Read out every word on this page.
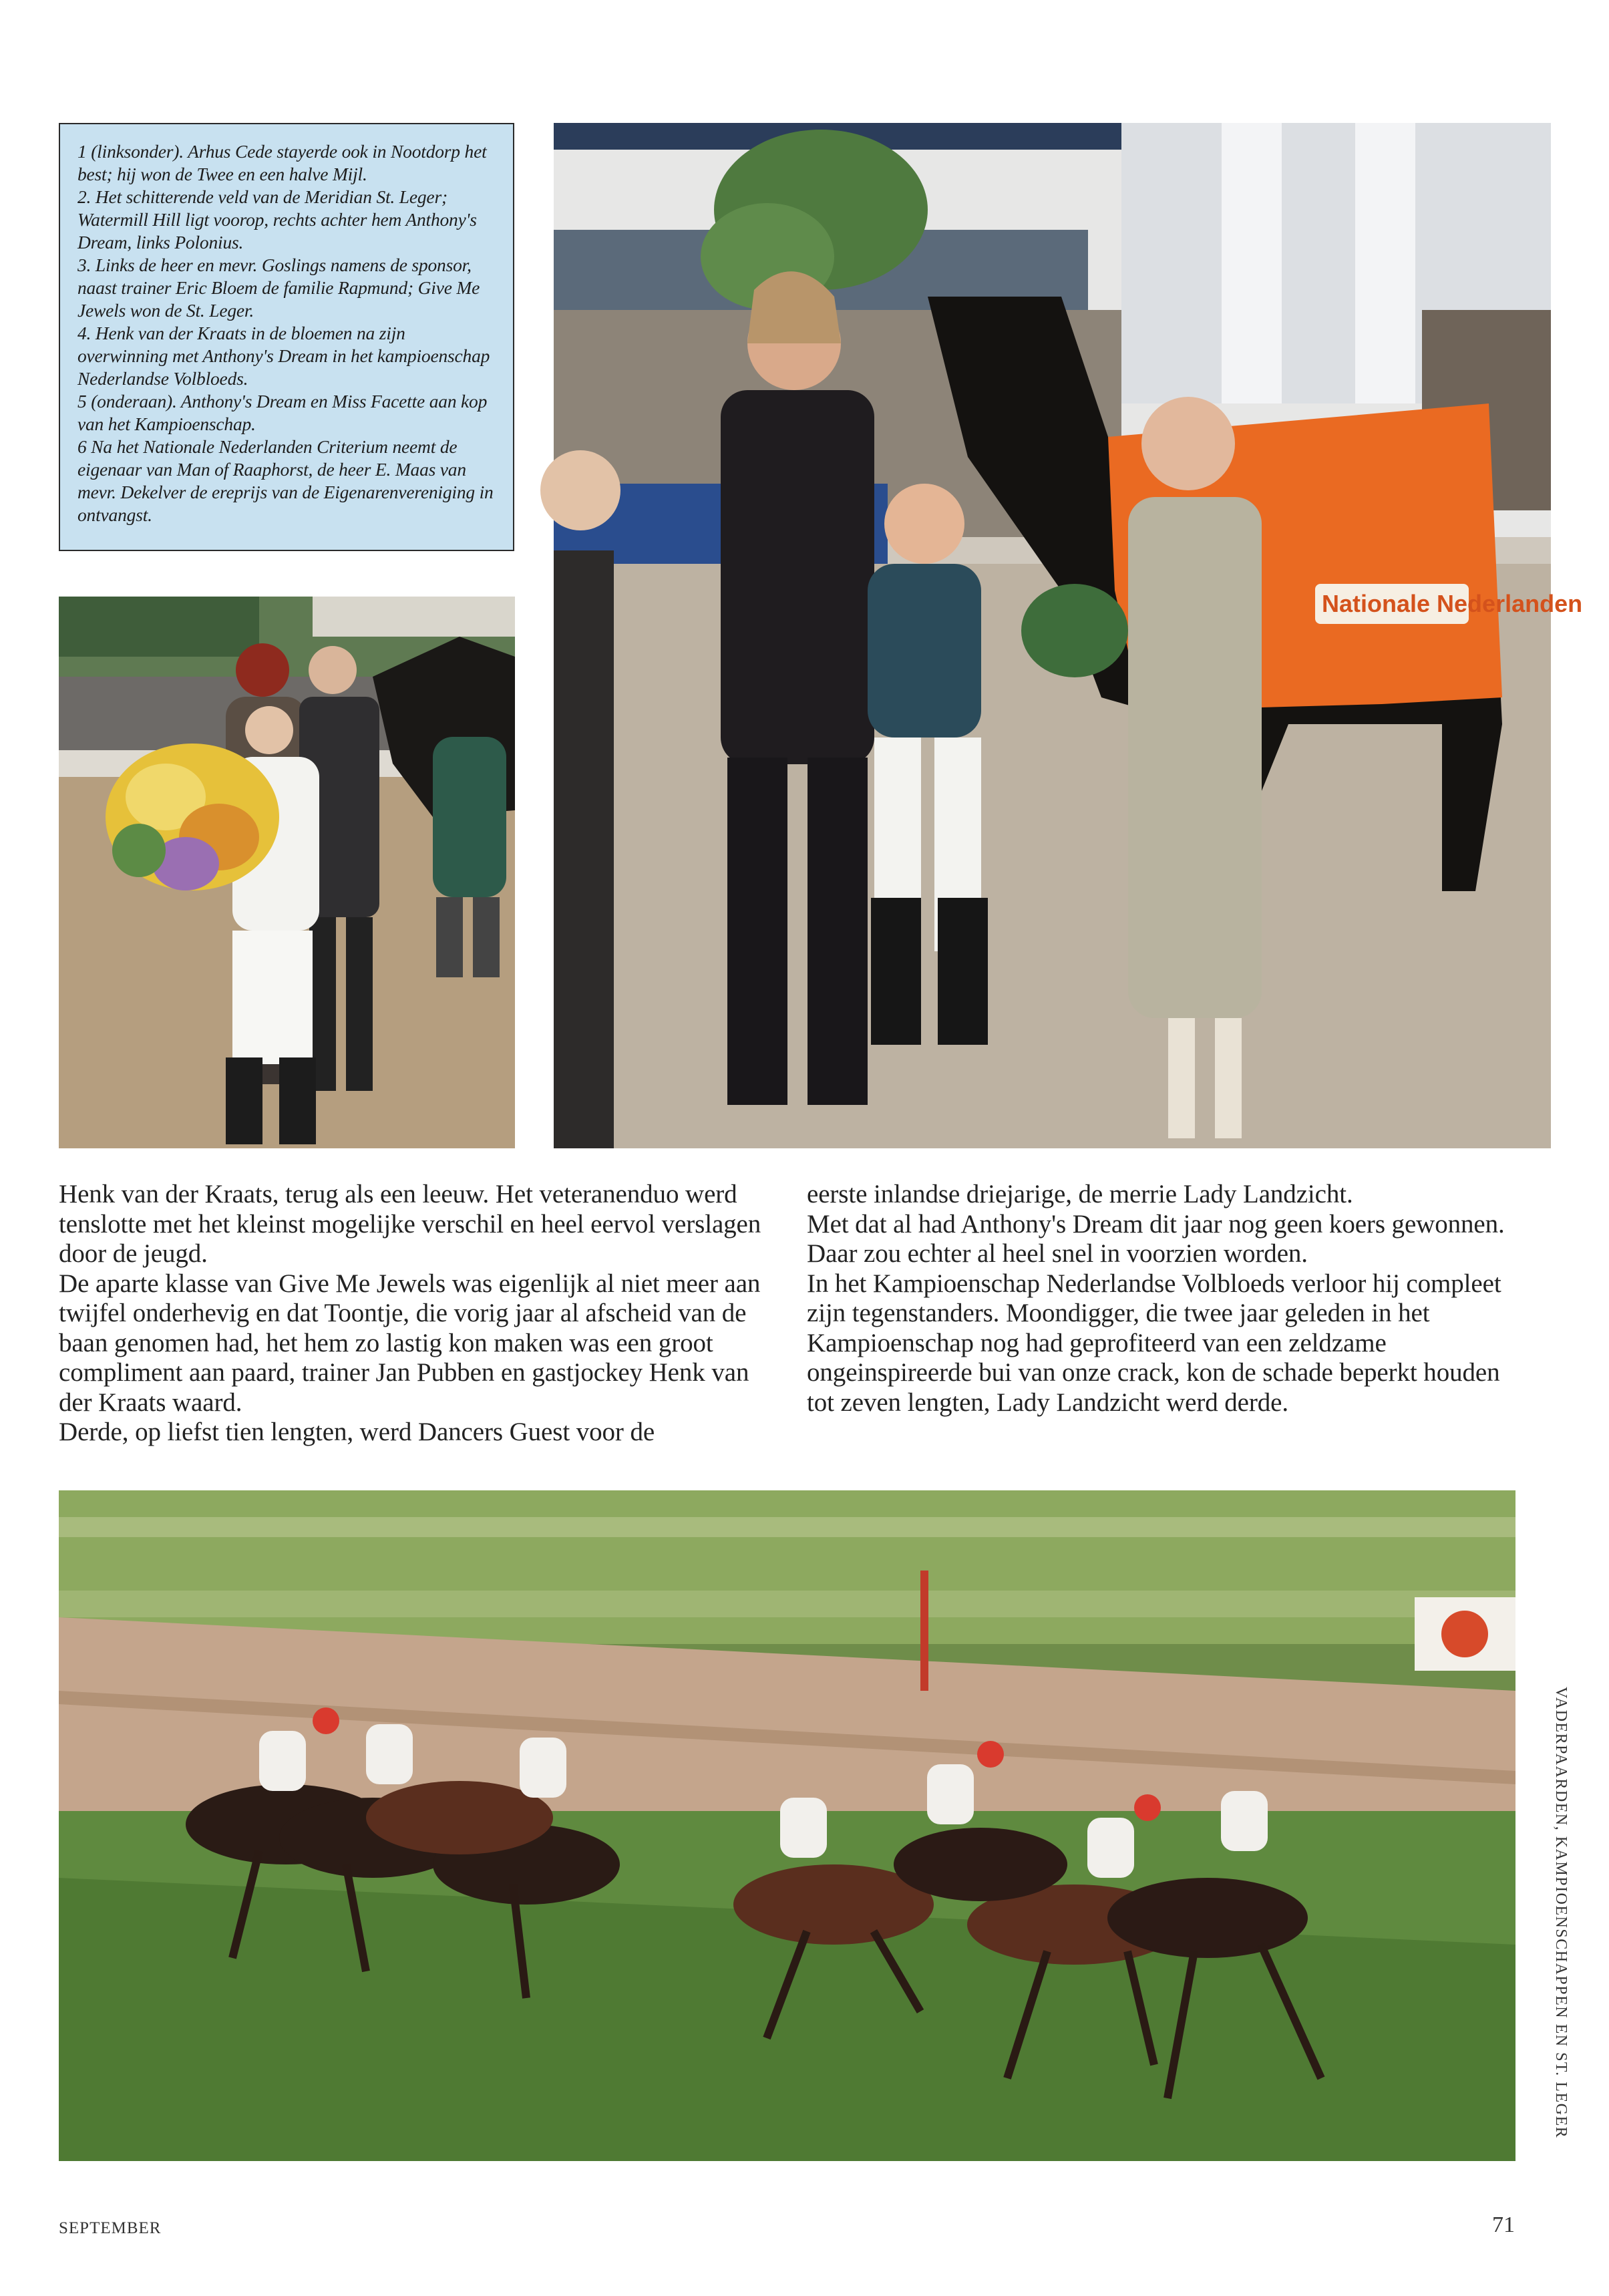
1 (linksonder). Arhus Cede stayerde ook in Nootdorp het best; hij won de Twee en een halve Mijl.

2. Het schitterende veld van de Meridian St. Leger; Watermill Hill ligt voorop, rechts achter hem Anthony's Dream, links Polonius.

3. Links de heer en mevr. Goslings namens de sponsor, naast trainer Eric Bloem de familie Rapmund; Give Me Jewels won de St. Leger.

4. Henk van der Kraats in de bloemen na zijn overwinning met Anthony's Dream in het kampioenschap Nederlandse Volbloeds.

5 (onderaan). Anthony's Dream en Miss Facette aan kop van het Kampioenschap.

6 Na het Nationale Nederlanden Criterium neemt de eigenaar van Man of Raaphorst, de heer E. Maas van mevr. Dekelver de ereprijs van de Eigenarenvereniging in ontvangst.

Nationale Nederlanden

Henk van der Kraats, terug als een leeuw. Het veteranenduo werd tenslotte met het kleinst mogelijke verschil en heel eervol verslagen door de jeugd.
De aparte klasse van Give Me Jewels was eigenlijk al niet meer aan twijfel onderhevig en dat Toontje, die vorig jaar al afscheid van de baan genomen had, het hem zo lastig kon maken was een groot compliment aan paard, trainer Jan Pubben en gastjockey Henk van der Kraats waard.
Derde, op liefst tien lengten, werd Dancers Guest voor de

eerste inlandse driejarige, de merrie Lady Landzicht.
Met dat al had Anthony's Dream dit jaar nog geen koers gewonnen. Daar zou echter al heel snel in voorzien worden.
In het Kampioenschap Nederlandse Volbloeds verloor hij compleet zijn tegenstanders. Moondigger, die twee jaar geleden in het Kampioenschap nog had geprofiteerd van een zeldzame ongeinspireerde bui van onze crack, kon de schade beperkt houden tot zeven lengten, Lady Landzicht werd derde.

SEPTEMBER	71
VADERPAARDEN, KAMPIOENSCHAPPEN EN ST. LEGER
